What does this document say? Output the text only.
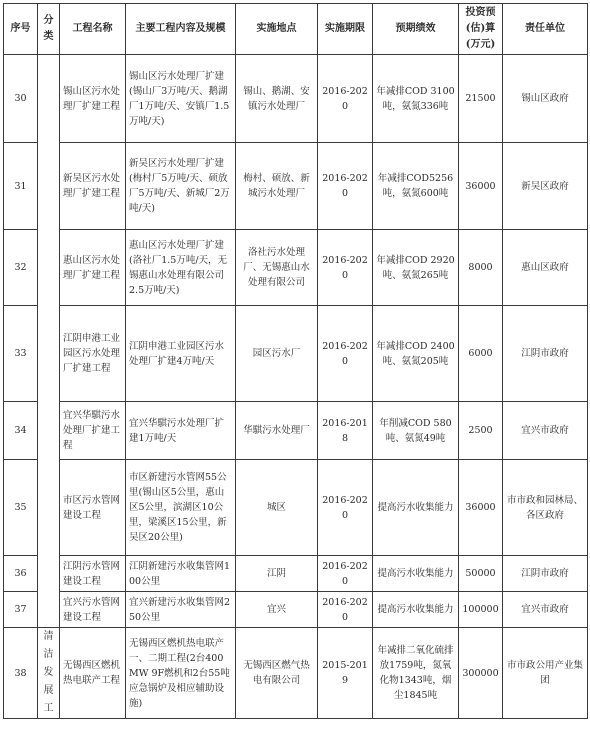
序号	分类	工程名称	主要工程内容及规模	实施地点	实施期限	预期绩效	投资预(估)算(万元)	责任单位
30		锡山区污水处理厂扩建工程	锡山区污水处理厂扩建(锡山厂3万吨/天、鹅湖厂1万吨/天、安镇厂1.5万吨/天)	锡山、鹅湖、安镇污水处理厂	2016-2020	年减排COD 3100吨，氨氮336吨	21500	锡山区政府
31		新吴区污水处理厂扩建工程	新吴区污水处理厂扩建(梅村厂5万吨/天、硕放厂5万吨/天、新城厂2万吨/天)	梅村、硕放、新城污水处理厂	2016-2020	年减排COD5256吨，氨氮600吨	36000	新吴区政府
32		惠山区污水处理厂扩建工程	惠山区污水处理厂扩建(洛社厂1.5万吨/天，无锡惠山水处理有限公司2.5万吨/天)	洛社污水处理厂、无锡惠山水处理有限公司	2016-2020	年减排COD 2920吨、氨氮265吨	8000	惠山区政府
33		江阴申港工业园区污水处理厂扩建工程	江阴申港工业园区污水处理厂扩建4万吨/天	园区污水厂	2016-2020	年减排COD 2400吨、氨氮205吨	6000	江阴市政府
34		宜兴华騏污水处理厂扩建工程	宜兴华騏污水处理厂扩建1万吨/天	华騏污水处理厂	2016-2018	年削减COD 580吨、氨氮49吨	2500	宜兴市政府
35		市区污水管网建设工程	市区新建污水管网55公里(锡山区5公里，惠山区5公里，滨湖区10公里，梁溪区15公里，新吴区20公里)	城区	2016-2020	提高污水收集能力	36000	市市政和园林局、各区政府
36		江阴污水管网建设工程	江阴新建污水收集管网100公里	江阴	2016-2020	提高污水收集能力	50000	江阴市政府
37		宜兴污水管网建设工程	宜兴新建污水收集管网250公里	宜兴	2016-2020	提高污水收集能力	100000	宜兴市政府
38	清洁发展工	无锡西区燃机热电联产工程	无锡西区燃机热电联产一、二期工程(2台400MW 9F燃机和2台55吨应急锅炉及相应辅助设施)	无锡西区燃气热电有限公司	2015-2019	年减排二氧化硫排放1759吨，氮氧化物1343吨，烟尘1845吨	300000	市市政公用产业集团
